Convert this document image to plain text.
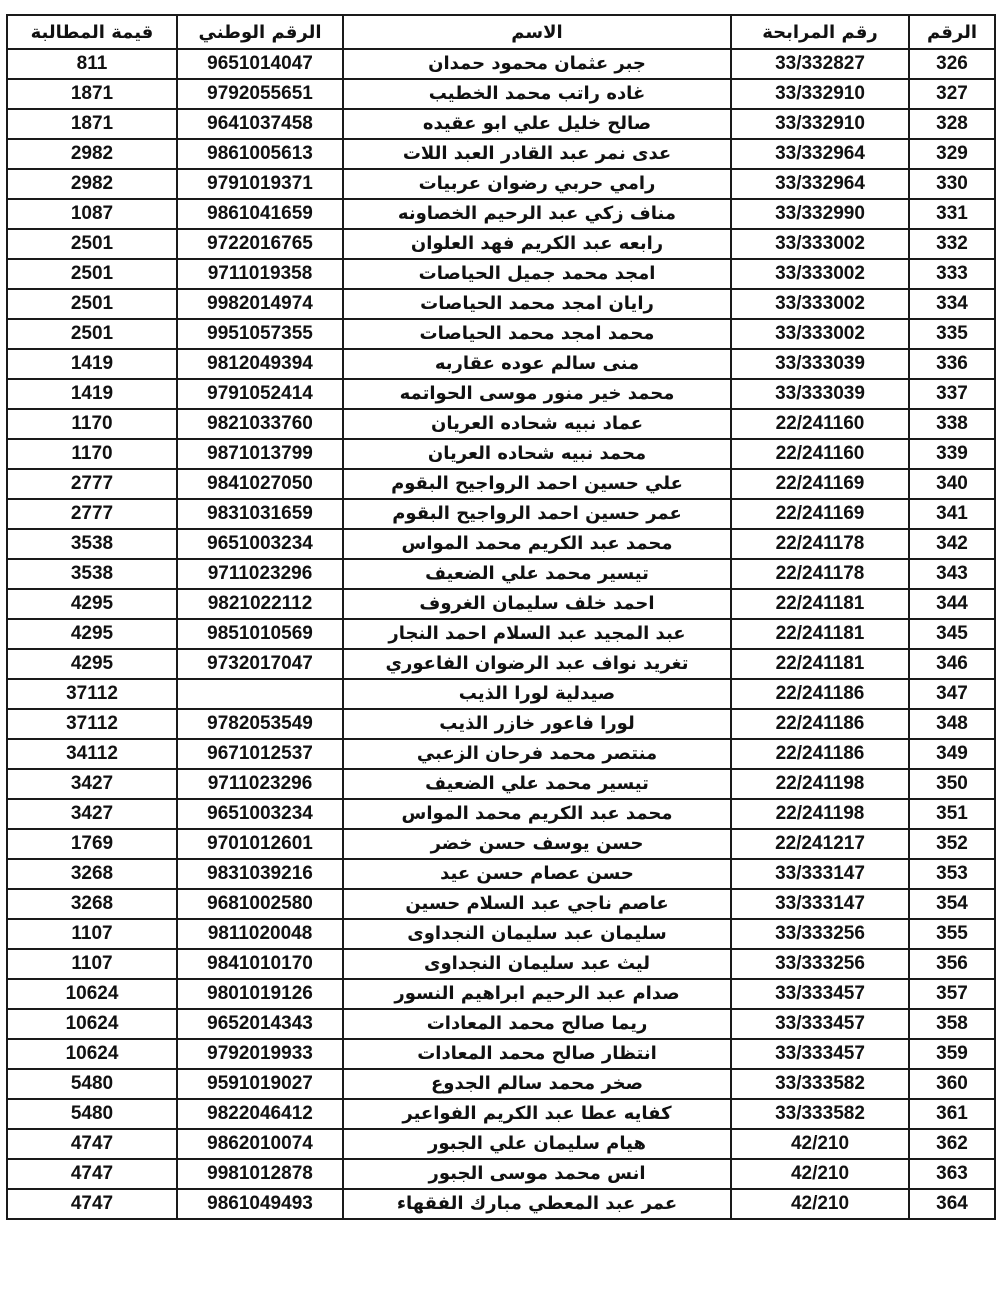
الرقم	رقم المرابحة	الاسم	الرقم الوطني	قيمة المطالبة
326	33/332827	جبر عثمان محمود حمدان	9651014047	811
327	33/332910	غاده راتب محمد الخطيب	9792055651	1871
328	33/332910	صالح خليل علي ابو عقيده	9641037458	1871
329	33/332964	عدى نمر عبد القادر العبد اللات	9861005613	2982
330	33/332964	رامي حربي رضوان عربيات	9791019371	2982
331	33/332990	مناف زكي عبد الرحيم الخصاونه	9861041659	1087
332	33/333002	رابعه عبد الكريم فهد العلوان	9722016765	2501
333	33/333002	امجد محمد جميل الحياصات	9711019358	2501
334	33/333002	رايان امجد محمد الحياصات	9982014974	2501
335	33/333002	محمد امجد محمد الحياصات	9951057355	2501
336	33/333039	منى سالم عوده عقاربه	9812049394	1419
337	33/333039	محمد خير منور موسى الحواتمه	9791052414	1419
338	22/241160	عماد نبيه شحاده العريان	9821033760	1170
339	22/241160	محمد نبيه شحاده العريان	9871013799	1170
340	22/241169	علي حسين احمد الرواجيح البقوم	9841027050	2777
341	22/241169	عمر حسين احمد الرواجيح البقوم	9831031659	2777
342	22/241178	محمد عبد الكريم محمد المواس	9651003234	3538
343	22/241178	تيسير محمد علي الضعيف	9711023296	3538
344	22/241181	احمد خلف سليمان الغروف	9821022112	4295
345	22/241181	عبد المجيد عبد السلام احمد النجار	9851010569	4295
346	22/241181	تغريد نواف عبد الرضوان الفاعوري	9732017047	4295
347	22/241186	صيدلية لورا الذيب		37112
348	22/241186	لورا فاعور خازر الذيب	9782053549	37112
349	22/241186	منتصر محمد فرحان الزعبي	9671012537	34112
350	22/241198	تيسير محمد علي الضعيف	9711023296	3427
351	22/241198	محمد عبد الكريم محمد المواس	9651003234	3427
352	22/241217	حسن يوسف حسن خضر	9701012601	1769
353	33/333147	حسن عصام حسن عيد	9831039216	3268
354	33/333147	عاصم ناجي عبد السلام حسين	9681002580	3268
355	33/333256	سليمان عبد سليمان النجداوى	9811020048	1107
356	33/333256	ليث عبد سليمان النجداوى	9841010170	1107
357	33/333457	صدام عبد الرحيم ابراهيم النسور	9801019126	10624
358	33/333457	ريما صالح محمد المعادات	9652014343	10624
359	33/333457	انتظار صالح محمد المعادات	9792019933	10624
360	33/333582	صخر محمد سالم الجدوع	9591019027	5480
361	33/333582	كفايه عطا عبد الكريم الفواعير	9822046412	5480
362	42/210	هيام سليمان علي الجبور	9862010074	4747
363	42/210	انس محمد موسى الجبور	9981012878	4747
364	42/210	عمر عبد المعطي مبارك الفقهاء	9861049493	4747
